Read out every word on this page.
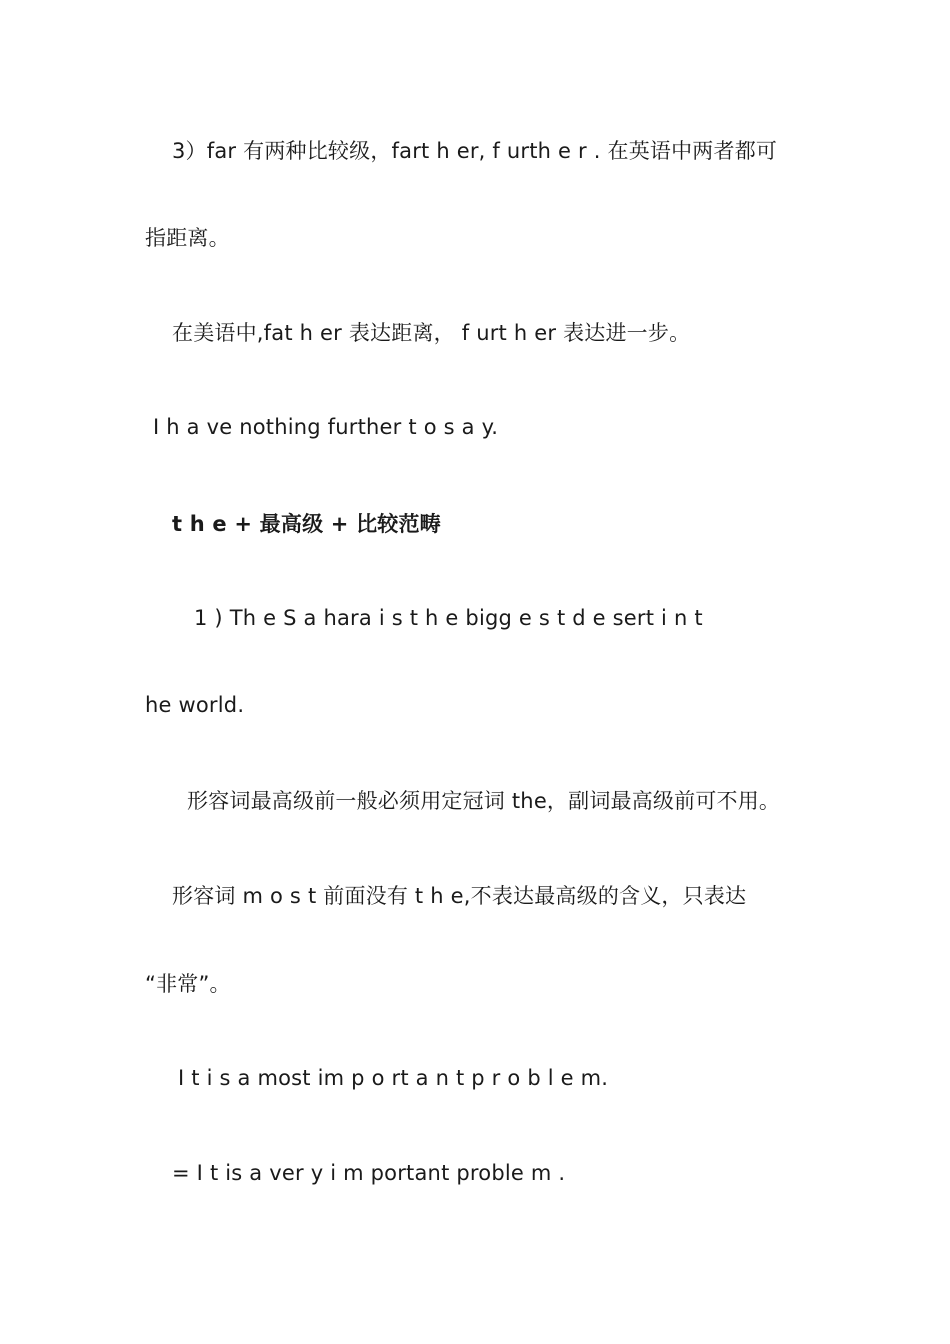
3）far 有两种比较级，fart h er, f urth e r . 在英语中两者都可
指距离。
在美语中,fat h er 表达距离， f urt h er 表达进一步。
I h a ve nothing further t o s a y.
t h e + 最高级 + 比较范畴
1 ) Th e S a hara i s t h e bigg e s t d e sert i n t
he world.
形容词最高级前一般必须用定冠词 the，副词最高级前可不用。
形容词 m o s t 前面没有 t h e,不表达最高级的含义，只表达
“非常”。
I t i s a most im p o rt a n t p r o b l e m.
= I t is a ver y i m portant proble m .
